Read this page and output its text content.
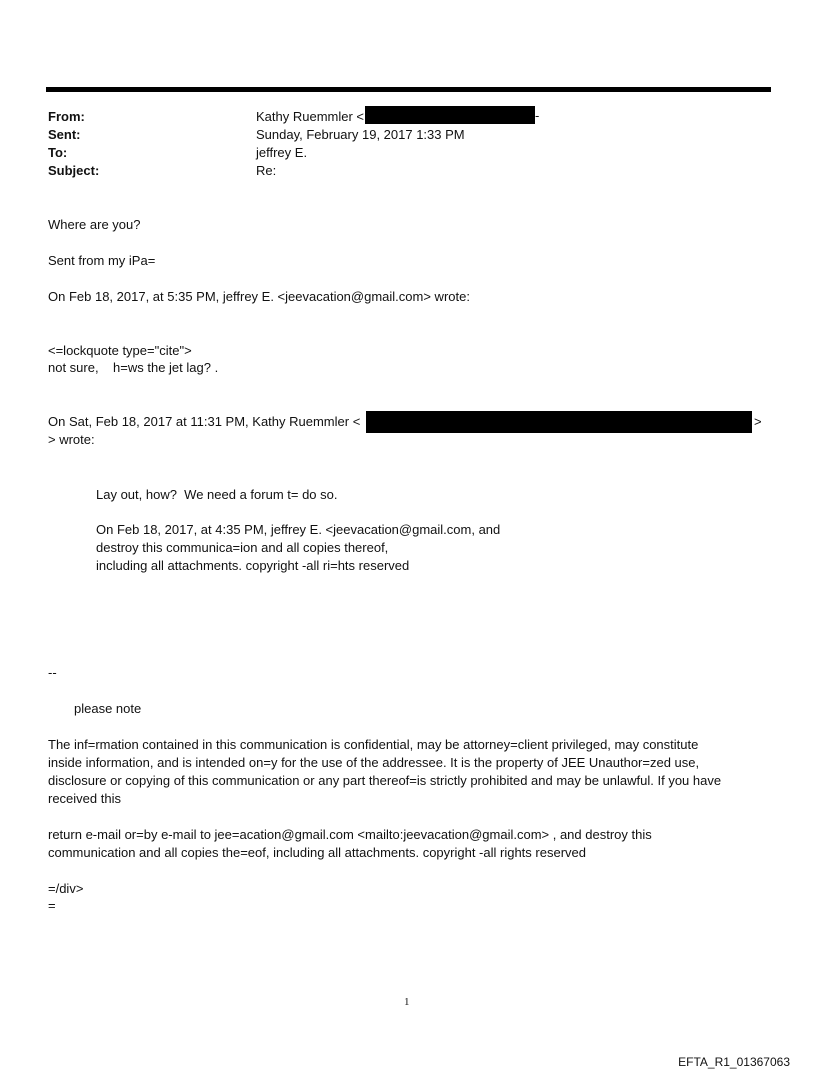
From:	Kathy Ruemmler <	-
Sent:	Sunday, February 19, 2017 1:33 PM
To:	jeffrey E.
Subject:	Re:
Where are you?
Sent from my iPa=
On Feb 18, 2017, at 5:35 PM, jeffrey E. <jeevacation@gmail.com> wrote:
<=lockquote type="cite">
not sure,    h=ws the jet lag? .
On Sat, Feb 18, 2017 at 11:31 PM, Kathy Ruemmler <	>
> wrote:
Lay out, how?  We need a forum t= do so.
On Feb 18, 2017, at 4:35 PM, jeffrey E. <jeevacation@gmail.com, and
destroy this communica=ion and all copies thereof,
including all attachments. copyright -all ri=hts reserved
--
please note
The inf=rmation contained in this communication is confidential, may be attorney=client privileged, may constitute
inside information, and is intended on=y for the use of the addressee. It is the property of JEE Unauthor=zed use,
disclosure or copying of this communication or any part thereof=is strictly prohibited and may be unlawful. If you have
received this
return e-mail or=by e-mail to jee=acation@gmail.com <mailto:jeevacation@gmail.com> , and destroy this
communication and all copies the=eof, including all attachments. copyright -all rights reserved
=/div>
=
1
EFTA_R1_01367063
